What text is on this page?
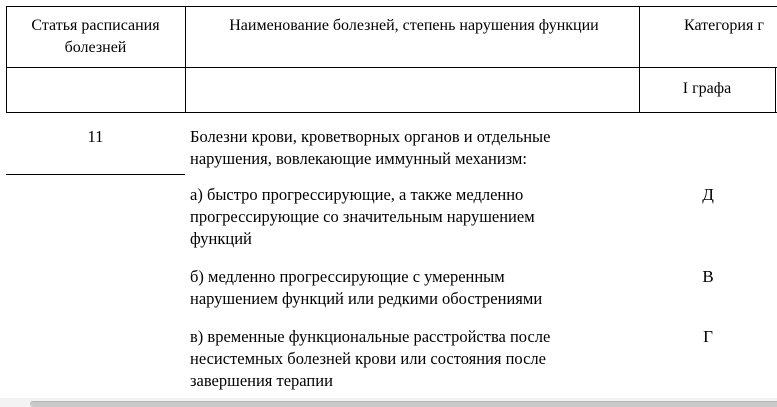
Статья расписания болезней
Наименование болезней, степень нарушения функции	Категория г
I графа
11	Болезни крови, кроветворных органов и отдельные
нарушения, вовлекающие иммунный механизм:
а) быстро прогрессирующие, а также медленно
прогрессирующие со значительным нарушением
функций
Д
б) медленно прогрессирующие с умеренным
нарушением функций или редкими обострениями
В
в) временные функциональные расстройства после
несистемных болезней крови или состояния после
завершения терапии
Г
